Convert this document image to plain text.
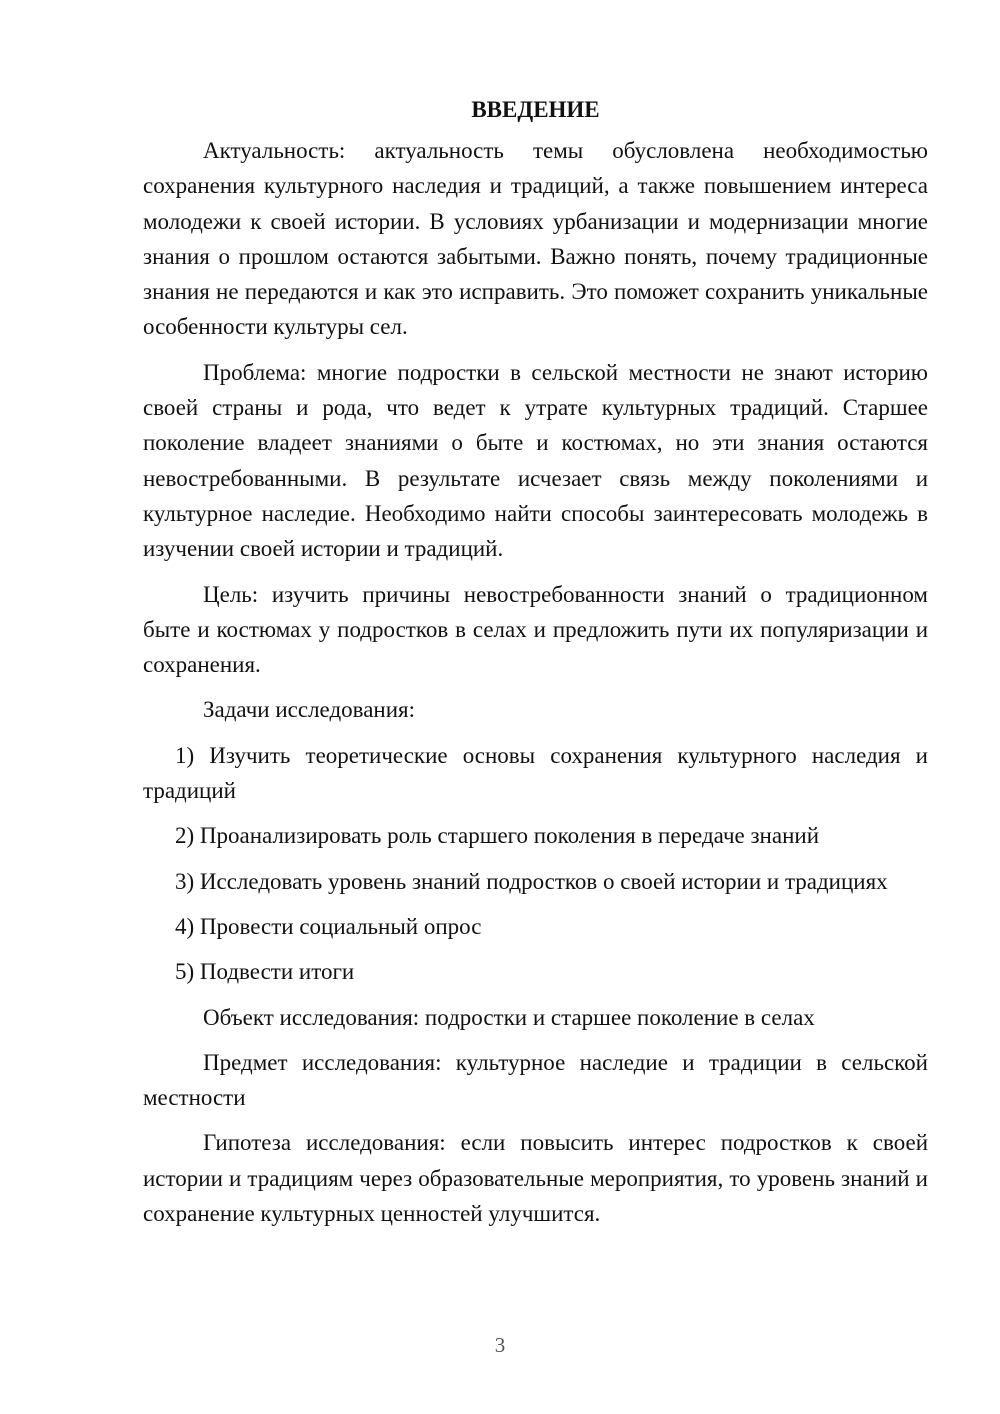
ВВЕДЕНИЕ

Актуальность: актуальность темы обусловлена необходимостью сохранения культурного наследия и традиций, а также повышением интереса молодежи к своей истории. В условиях урбанизации и модернизации многие знания о прошлом остаются забытыми. Важно понять, почему традиционные знания не передаются и как это исправить. Это поможет сохранить уникальные особенности культуры сел.

Проблема: многие подростки в сельской местности не знают историю своей страны и рода, что ведет к утрате культурных традиций. Старшее поколение владеет знаниями о быте и костюмах, но эти знания остаются невостребованными. В результате исчезает связь между поколениями и культурное наследие. Необходимо найти способы заинтересовать молодежь в изучении своей истории и традиций.

Цель: изучить причины невостребованности знаний о традиционном быте и костюмах у подростков в селах и предложить пути их популяризации и сохранения.

Задачи исследования:

1) Изучить теоретические основы сохранения культурного наследия и традиций

2) Проанализировать роль старшего поколения в передаче знаний

3) Исследовать уровень знаний подростков о своей истории и традициях

4) Провести социальный опрос

5) Подвести итоги

Объект исследования: подростки и старшее поколение в селах

Предмет исследования: культурное наследие и традиции в сельской местности

Гипотеза исследования: если повысить интерес подростков к своей истории и традициям через образовательные мероприятия, то уровень знаний и сохранение культурных ценностей улучшится.

3
